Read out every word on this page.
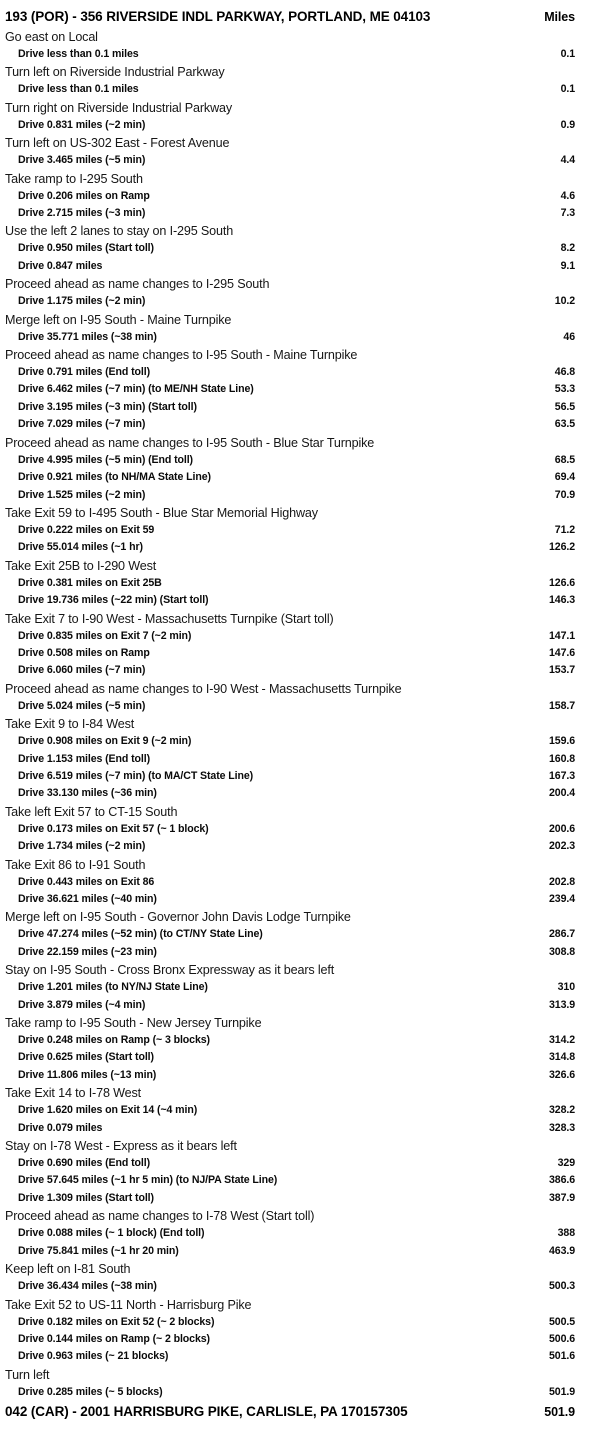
193 (POR) - 356 RIVERSIDE INDL PARKWAY, PORTLAND, ME 04103	Miles
Go east on Local
Drive less than 0.1 miles	0.1
Turn left on Riverside Industrial Parkway
Drive less than 0.1 miles	0.1
Turn right on Riverside Industrial Parkway
Drive 0.831 miles (~2 min)	0.9
Turn left on US-302 East - Forest Avenue
Drive 3.465 miles (~5 min)	4.4
Take ramp to I-295 South
Drive 0.206 miles on Ramp	4.6
Drive 2.715 miles (~3 min)	7.3
Use the left 2 lanes to stay on I-295 South
Drive 0.950 miles (Start toll)	8.2
Drive 0.847 miles	9.1
Proceed ahead as name changes to I-295 South
Drive 1.175 miles (~2 min)	10.2
Merge left on I-95 South - Maine Turnpike
Drive 35.771 miles (~38 min)	46
Proceed ahead as name changes to I-95 South - Maine Turnpike
Drive 0.791 miles (End toll)	46.8
Drive 6.462 miles (~7 min) (to ME/NH State Line)	53.3
Drive 3.195 miles (~3 min) (Start toll)	56.5
Drive 7.029 miles (~7 min)	63.5
Proceed ahead as name changes to I-95 South - Blue Star Turnpike
Drive 4.995 miles (~5 min) (End toll)	68.5
Drive 0.921 miles (to NH/MA State Line)	69.4
Drive 1.525 miles (~2 min)	70.9
Take Exit 59 to I-495 South - Blue Star Memorial Highway
Drive 0.222 miles on Exit 59	71.2
Drive 55.014 miles (~1 hr)	126.2
Take Exit 25B to I-290 West
Drive 0.381 miles on Exit 25B	126.6
Drive 19.736 miles (~22 min) (Start toll)	146.3
Take Exit 7 to I-90 West - Massachusetts Turnpike (Start toll)
Drive 0.835 miles on Exit 7 (~2 min)	147.1
Drive 0.508 miles on Ramp	147.6
Drive 6.060 miles (~7 min)	153.7
Proceed ahead as name changes to I-90 West - Massachusetts Turnpike
Drive 5.024 miles (~5 min)	158.7
Take Exit 9 to I-84 West
Drive 0.908 miles on Exit 9 (~2 min)	159.6
Drive 1.153 miles (End toll)	160.8
Drive 6.519 miles (~7 min) (to MA/CT State Line)	167.3
Drive 33.130 miles (~36 min)	200.4
Take left Exit 57 to CT-15 South
Drive 0.173 miles on Exit 57 (~ 1 block)	200.6
Drive 1.734 miles (~2 min)	202.3
Take Exit 86 to I-91 South
Drive 0.443 miles on Exit 86	202.8
Drive 36.621 miles (~40 min)	239.4
Merge left on I-95 South - Governor John Davis Lodge Turnpike
Drive 47.274 miles (~52 min) (to CT/NY State Line)	286.7
Drive 22.159 miles (~23 min)	308.8
Stay on I-95 South - Cross Bronx Expressway as it bears left
Drive 1.201 miles (to NY/NJ State Line)	310
Drive 3.879 miles (~4 min)	313.9
Take ramp to I-95 South - New Jersey Turnpike
Drive 0.248 miles on Ramp (~ 3 blocks)	314.2
Drive 0.625 miles (Start toll)	314.8
Drive 11.806 miles (~13 min)	326.6
Take Exit 14 to I-78 West
Drive 1.620 miles on Exit 14 (~4 min)	328.2
Drive 0.079 miles	328.3
Stay on I-78 West - Express as it bears left
Drive 0.690 miles (End toll)	329
Drive 57.645 miles (~1 hr 5 min) (to NJ/PA State Line)	386.6
Drive 1.309 miles (Start toll)	387.9
Proceed ahead as name changes to I-78 West (Start toll)
Drive 0.088 miles (~ 1 block) (End toll)	388
Drive 75.841 miles (~1 hr 20 min)	463.9
Keep left on I-81 South
Drive 36.434 miles (~38 min)	500.3
Take Exit 52 to US-11 North - Harrisburg Pike
Drive 0.182 miles on Exit 52 (~ 2 blocks)	500.5
Drive 0.144 miles on Ramp (~ 2 blocks)	500.6
Drive 0.963 miles (~ 21 blocks)	501.6
Turn left
Drive 0.285 miles (~ 5 blocks)	501.9
042 (CAR) - 2001 HARRISBURG PIKE, CARLISLE, PA 170157305	501.9
